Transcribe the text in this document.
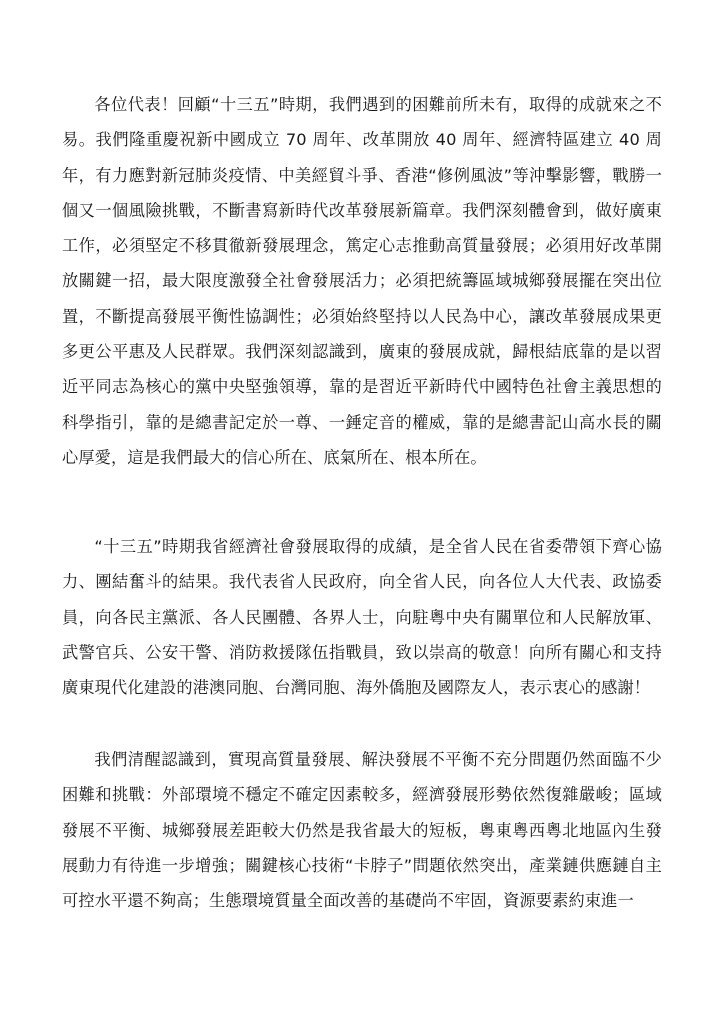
各位代表！回顧“十三五”時期，我們遇到的困難前所未有，取得的成就來之不易。我們隆重慶祝新中國成立 70 周年、改革開放 40 周年、經濟特區建立 40 周年，有力應對新冠肺炎疫情、中美經貿斗爭、香港“修例風波”等沖擊影響，戰勝一個又一個風險挑戰，不斷書寫新時代改革發展新篇章。我們深刻體會到，做好廣東工作，必須堅定不移貫徹新發展理念，篤定心志推動高質量發展；必須用好改革開放關鍵一招，最大限度激發全社會發展活力；必須把統籌區域城鄉發展擺在突出位置，不斷提高發展平衡性協調性；必須始終堅持以人民為中心，讓改革發展成果更多更公平惠及人民群眾。我們深刻認識到，廣東的發展成就，歸根結底靠的是以習近平同志為核心的黨中央堅強領導，靠的是習近平新時代中國特色社會主義思想的科學指引，靠的是總書記定於一尊、一錘定音的權威，靠的是總書記山高水長的關心厚愛，這是我們最大的信心所在、底氣所在、根本所在。

“十三五”時期我省經濟社會發展取得的成績，是全省人民在省委帶領下齊心協力、團結奮斗的結果。我代表省人民政府，向全省人民，向各位人大代表、政協委員，向各民主黨派、各人民團體、各界人士，向駐粵中央有關單位和人民解放軍、武警官兵、公安干警、消防救援隊伍指戰員，致以崇高的敬意！向所有關心和支持廣東現代化建設的港澳同胞、台灣同胞、海外僑胞及國際友人，表示衷心的感謝！

我們清醒認識到，實現高質量發展、解決發展不平衡不充分問題仍然面臨不少困難和挑戰：外部環境不穩定不確定因素較多，經濟發展形勢依然復雜嚴峻；區域發展不平衡、城鄉發展差距較大仍然是我省最大的短板，粵東粵西粵北地區內生發展動力有待進一步增強；關鍵核心技術“卡脖子”問題依然突出，產業鏈供應鏈自主可控水平還不夠高；生態環境質量全面改善的基礎尚不牢固，資源要素約束進一
